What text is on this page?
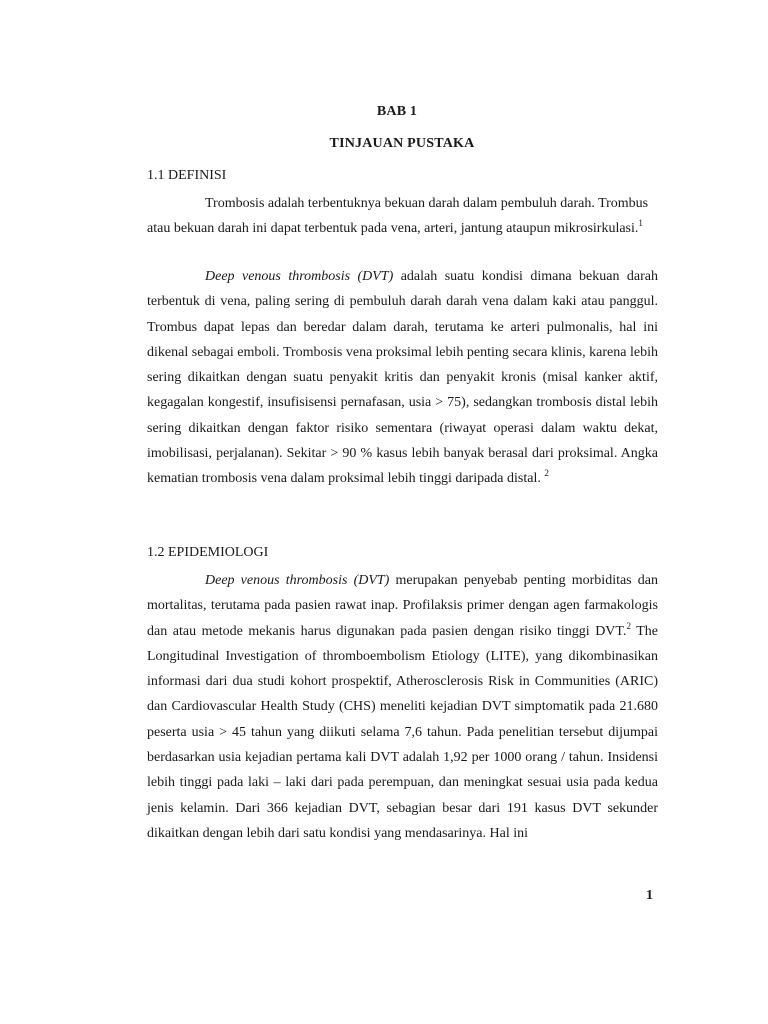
BAB 1
TINJAUAN PUSTAKA
1.1 DEFINISI

Trombosis adalah terbentuknya bekuan darah dalam pembuluh darah. Trombus atau bekuan darah ini dapat terbentuk pada vena, arteri, jantung ataupun mikrosirkulasi.$^1$

Deep venous thrombosis (DVT) adalah suatu kondisi dimana bekuan darah terbentuk di vena, paling sering di pembuluh darah darah vena dalam kaki atau panggul. Trombus dapat lepas dan beredar dalam darah, terutama ke arteri pulmonalis, hal ini dikenal sebagai emboli. Trombosis vena proksimal lebih penting secara klinis, karena lebih sering dikaitkan dengan suatu penyakit kritis dan penyakit kronis (misal kanker aktif, kegagalan kongestif, insufisisensi pernafasan, usia > 75), sedangkan trombosis distal lebih sering dikaitkan dengan faktor risiko sementara (riwayat operasi dalam waktu dekat, imobilisasi, perjalanan). Sekitar > 90 % kasus lebih banyak berasal dari proksimal. Angka kematian trombosis vena dalam proksimal lebih tinggi daripada distal. $^2$

1.2 EPIDEMIOLOGI

Deep venous thrombosis (DVT) merupakan penyebab penting morbiditas dan mortalitas, terutama pada pasien rawat inap. Profilaksis primer dengan agen farmakologis dan atau metode mekanis harus digunakan pada pasien dengan risiko tinggi DVT.$^2$ The Longitudinal Investigation of thromboembolism Etiology (LITE), yang dikombinasikan informasi dari dua studi kohort prospektif, Atherosclerosis Risk in Communities (ARIC) dan Cardiovascular Health Study (CHS) meneliti kejadian DVT simptomatik pada 21.680 peserta usia > 45 tahun yang diikuti selama 7,6 tahun. Pada penelitian tersebut dijumpai berdasarkan usia kejadian pertama kali DVT adalah 1,92 per 1000 orang / tahun. Insidensi lebih tinggi pada laki – laki dari pada perempuan, dan meningkat sesuai usia pada kedua jenis kelamin. Dari 366 kejadian DVT, sebagian besar dari 191 kasus DVT sekunder dikaitkan dengan lebih dari satu kondisi yang mendasarinya. Hal ini

1
